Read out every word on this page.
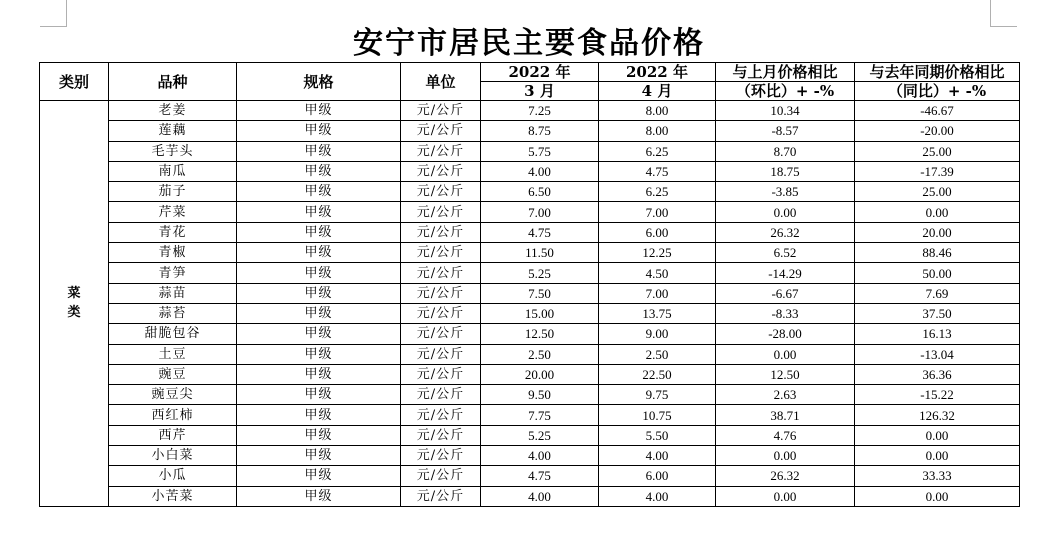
安宁市居民主要食品价格
类别	品种	规格	单位	2022 年	2022 年	与上月价格相比	与去年同期价格相比
				3 月	4 月	（环比）+ -%	（同比）+ -%

菜
类	老姜	甲级	元/公斤	7.25	8.00	10.34	-46.67
	莲藕	甲级	元/公斤	8.75	8.00	-8.57	-20.00
	毛芋头	甲级	元/公斤	5.75	6.25	8.70	25.00
	南瓜	甲级	元/公斤	4.00	4.75	18.75	-17.39
	茄子	甲级	元/公斤	6.50	6.25	-3.85	25.00
	芹菜	甲级	元/公斤	7.00	7.00	0.00	0.00
	青花	甲级	元/公斤	4.75	6.00	26.32	20.00
	青椒	甲级	元/公斤	11.50	12.25	6.52	88.46
	青笋	甲级	元/公斤	5.25	4.50	-14.29	50.00
	蒜苗	甲级	元/公斤	7.50	7.00	-6.67	7.69
	蒜苔	甲级	元/公斤	15.00	13.75	-8.33	37.50
	甜脆包谷	甲级	元/公斤	12.50	9.00	-28.00	16.13
	土豆	甲级	元/公斤	2.50	2.50	0.00	-13.04
	豌豆	甲级	元/公斤	20.00	22.50	12.50	36.36
	豌豆尖	甲级	元/公斤	9.50	9.75	2.63	-15.22
	西红柿	甲级	元/公斤	7.75	10.75	38.71	126.32
	西芹	甲级	元/公斤	5.25	5.50	4.76	0.00
	小白菜	甲级	元/公斤	4.00	4.00	0.00	0.00
	小瓜	甲级	元/公斤	4.75	6.00	26.32	33.33
	小苦菜	甲级	元/公斤	4.00	4.00	0.00	0.00
